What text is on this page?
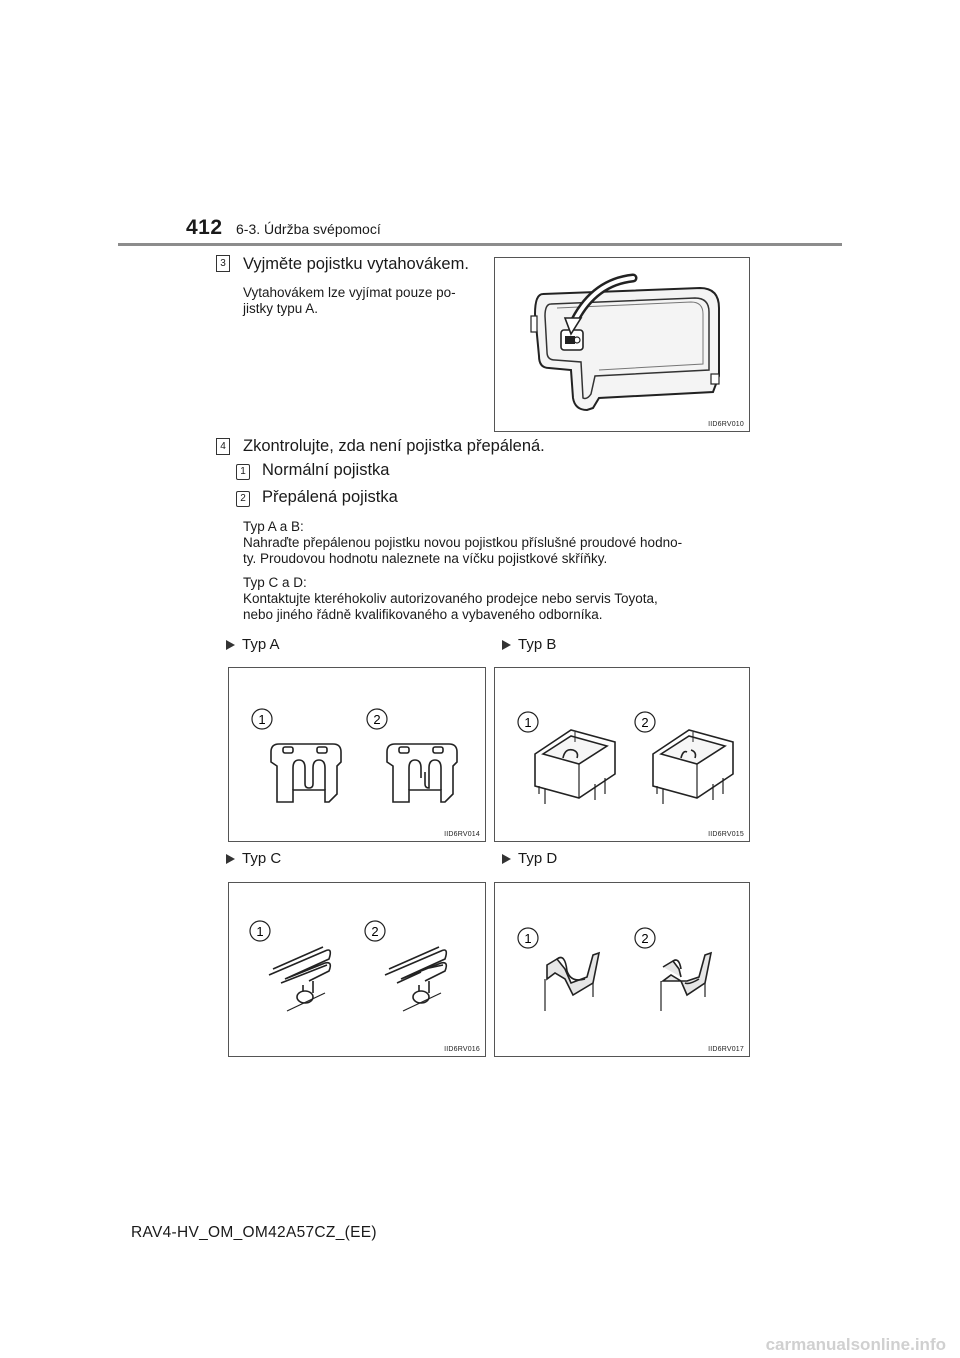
412 6-3. Údržba svépomocí
3 Vyjměte pojistku vytahovákem.
Vytahovákem lze vyjímat pouze po-
jistky typu A.
IID6RV010
4 Zkontrolujte, zda není pojistka přepálená.
1 Normální pojistka
2 Přepálená pojistka
Typ A a B:
Nahraďte přepálenou pojistku novou pojistkou příslušné proudové hodno-
ty. Proudovou hodnotu naleznete na víčku pojistkové skříňky.
Typ C a D:
Kontaktujte kteréhokoliv autorizovaného prodejce nebo servis Toyota,
nebo jiného řádně kvalifikovaného a vybaveného odborníka.
Typ A	Typ B
1	2
IID6RV014
1	2
IID6RV015
Typ C	Typ D
1	2
IID6RV016
1	2
IID6RV017
RAV4-HV_OM_OM42A57CZ_(EE)
carmanualsonline.info
